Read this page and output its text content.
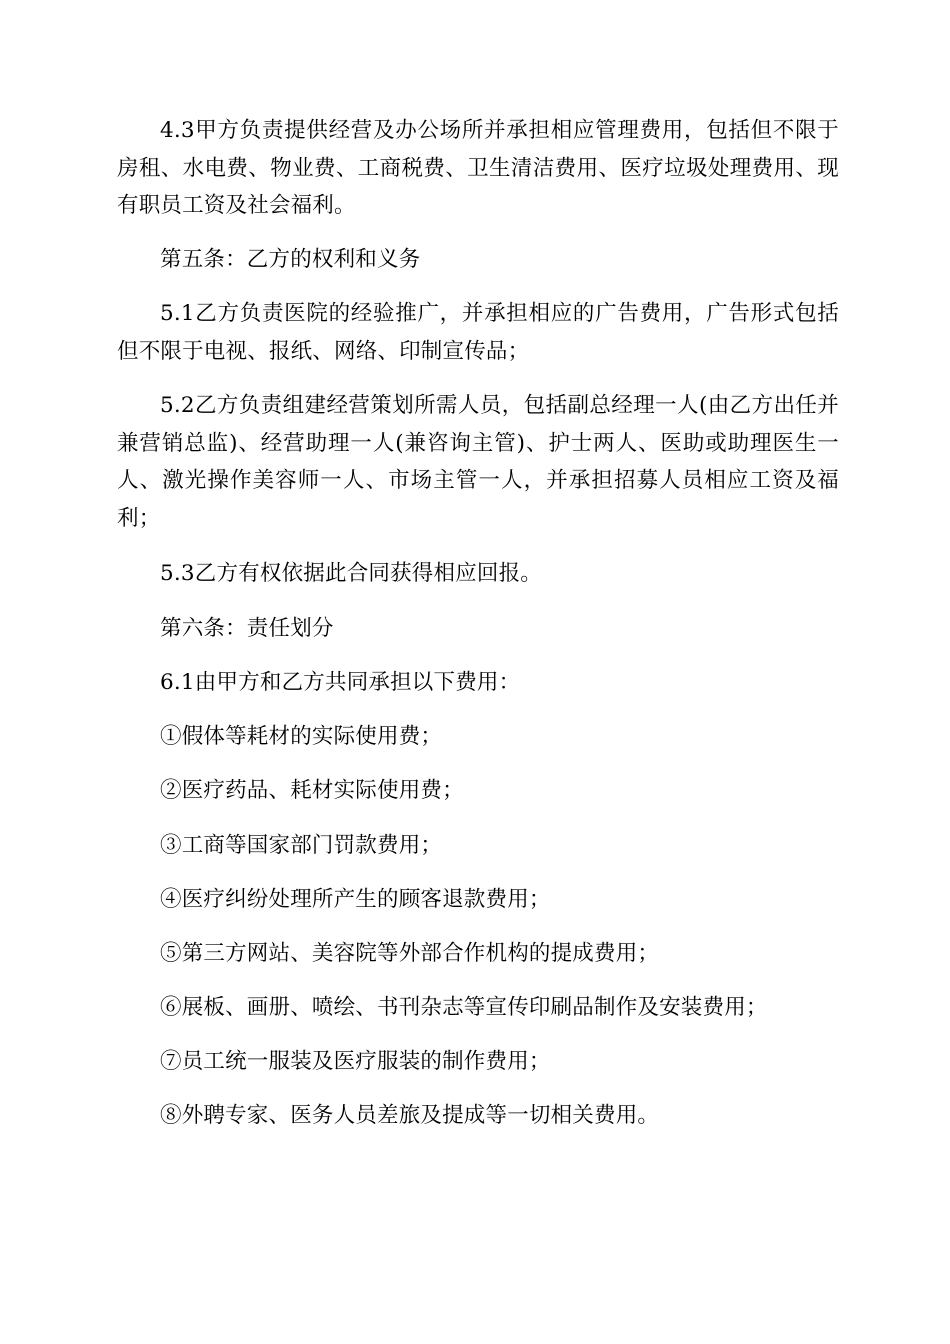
4.3甲方负责提供经营及办公场所并承担相应管理费用，包括但不限于房租、水电费、物业费、工商税费、卫生清洁费用、医疗垃圾处理费用、现有职员工资及社会福利。

第五条：乙方的权利和义务

5.1乙方负责医院的经验推广，并承担相应的广告费用，广告形式包括但不限于电视、报纸、网络、印制宣传品；

5.2乙方负责组建经营策划所需人员，包括副总经理一人(由乙方出任并兼营销总监)、经营助理一人(兼咨询主管)、护士两人、医助或助理医生一人、激光操作美容师一人、市场主管一人，并承担招募人员相应工资及福利；

5.3乙方有权依据此合同获得相应回报。

第六条：责任划分

6.1由甲方和乙方共同承担以下费用：

①假体等耗材的实际使用费；

②医疗药品、耗材实际使用费；

③工商等国家部门罚款费用；

④医疗纠纷处理所产生的顾客退款费用；

⑤第三方网站、美容院等外部合作机构的提成费用；

⑥展板、画册、喷绘、书刊杂志等宣传印刷品制作及安装费用；

⑦员工统一服装及医疗服装的制作费用；

⑧外聘专家、医务人员差旅及提成等一切相关费用。
